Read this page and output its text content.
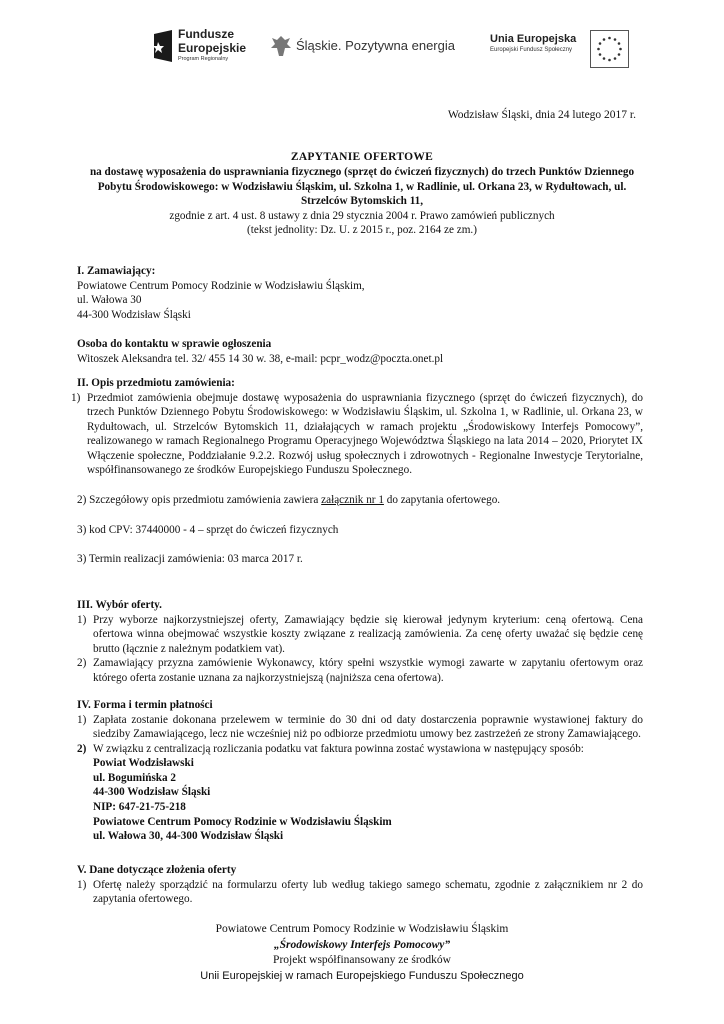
Fundusze
Europejskie
Program Regionalny
Śląskie. Pozytywna energia	Unia Europejska
Europejski Fundusz Społeczny
Wodzisław Śląski, dnia 24 lutego 2017 r.
ZAPYTANIE OFERTOWE
na dostawę wyposażenia do usprawniania fizycznego (sprzęt do ćwiczeń fizycznych) do trzech Punktów Dziennego Pobytu Środowiskowego: w Wodzisławiu Śląskim, ul. Szkolna 1, w Radlinie, ul. Orkana 23, w Rydułtowach, ul. Strzelców Bytomskich 11,
zgodnie z art. 4 ust. 8 ustawy z dnia 29 stycznia 2004 r. Prawo zamówień publicznych
(tekst jednolity: Dz. U. z 2015 r., poz. 2164 ze zm.)
I. Zamawiający:
Powiatowe Centrum Pomocy Rodzinie w Wodzisławiu Śląskim,
ul. Wałowa 30
44-300 Wodzisław Śląski
Osoba do kontaktu w sprawie ogłoszenia
Witoszek Aleksandra tel. 32/ 455 14 30 w. 38, e-mail: pcpr_wodz@poczta.onet.pl
II. Opis przedmiotu zamówienia:
1) Przedmiot zamówienia obejmuje dostawę wyposażenia do usprawniania fizycznego (sprzęt do ćwiczeń fizycznych), do trzech Punktów Dziennego Pobytu Środowiskowego: w Wodzisławiu Śląskim, ul. Szkolna 1, w Radlinie, ul. Orkana 23, w Rydułtowach, ul. Strzelców Bytomskich 11, działających w ramach projektu „Środowiskowy Interfejs Pomocowy”, realizowanego w ramach Regionalnego Programu Operacyjnego Województwa Śląskiego na lata 2014 – 2020, Priorytet IX Włączenie społeczne, Poddziałanie 9.2.2. Rozwój usług społecznych i zdrowotnych - Regionalne Inwestycje Terytorialne, współfinansowanego ze środków Europejskiego Funduszu Społecznego.
2) Szczegółowy opis przedmiotu zamówienia zawiera załącznik nr 1 do zapytania ofertowego.
3) kod CPV: 37440000 - 4 – sprzęt do ćwiczeń fizycznych
3) Termin realizacji zamówienia: 03 marca 2017 r.
III. Wybór oferty.
1) Przy wyborze najkorzystniejszej oferty, Zamawiający będzie się kierował jedynym kryterium: ceną ofertową. Cena ofertowa winna obejmować wszystkie koszty związane z realizacją zamówienia. Za cenę oferty uważać się będzie cenę brutto (łącznie z należnym podatkiem vat).
2) Zamawiający przyzna zamówienie Wykonawcy, który spełni wszystkie wymogi zawarte w zapytaniu ofertowym oraz którego oferta zostanie uznana za najkorzystniejszą (najniższa cena ofertowa).
IV. Forma i termin płatności
1) Zapłata zostanie dokonana przelewem w terminie do 30 dni od daty dostarczenia poprawnie wystawionej faktury do siedziby Zamawiającego, lecz nie wcześniej niż po odbiorze przedmiotu umowy bez zastrzeżeń ze strony Zamawiającego.
2) W związku z centralizacją rozliczania podatku vat faktura powinna zostać wystawiona w następujący sposób:
Powiat Wodzisławski
ul. Bogumińska 2
44-300 Wodzisław Śląski
NIP: 647-21-75-218
Powiatowe Centrum Pomocy Rodzinie w Wodzisławiu Śląskim
ul. Wałowa 30, 44-300 Wodzisław Śląski
V. Dane dotyczące złożenia oferty
1) Ofertę należy sporządzić na formularzu oferty lub według takiego samego schematu, zgodnie z załącznikiem nr 2 do zapytania ofertowego.
Powiatowe Centrum Pomocy Rodzinie w Wodzisławiu Śląskim
„Środowiskowy Interfejs Pomocowy”
Projekt współfinansowany ze środków
Unii Europejskiej w ramach Europejskiego Funduszu Społecznego
